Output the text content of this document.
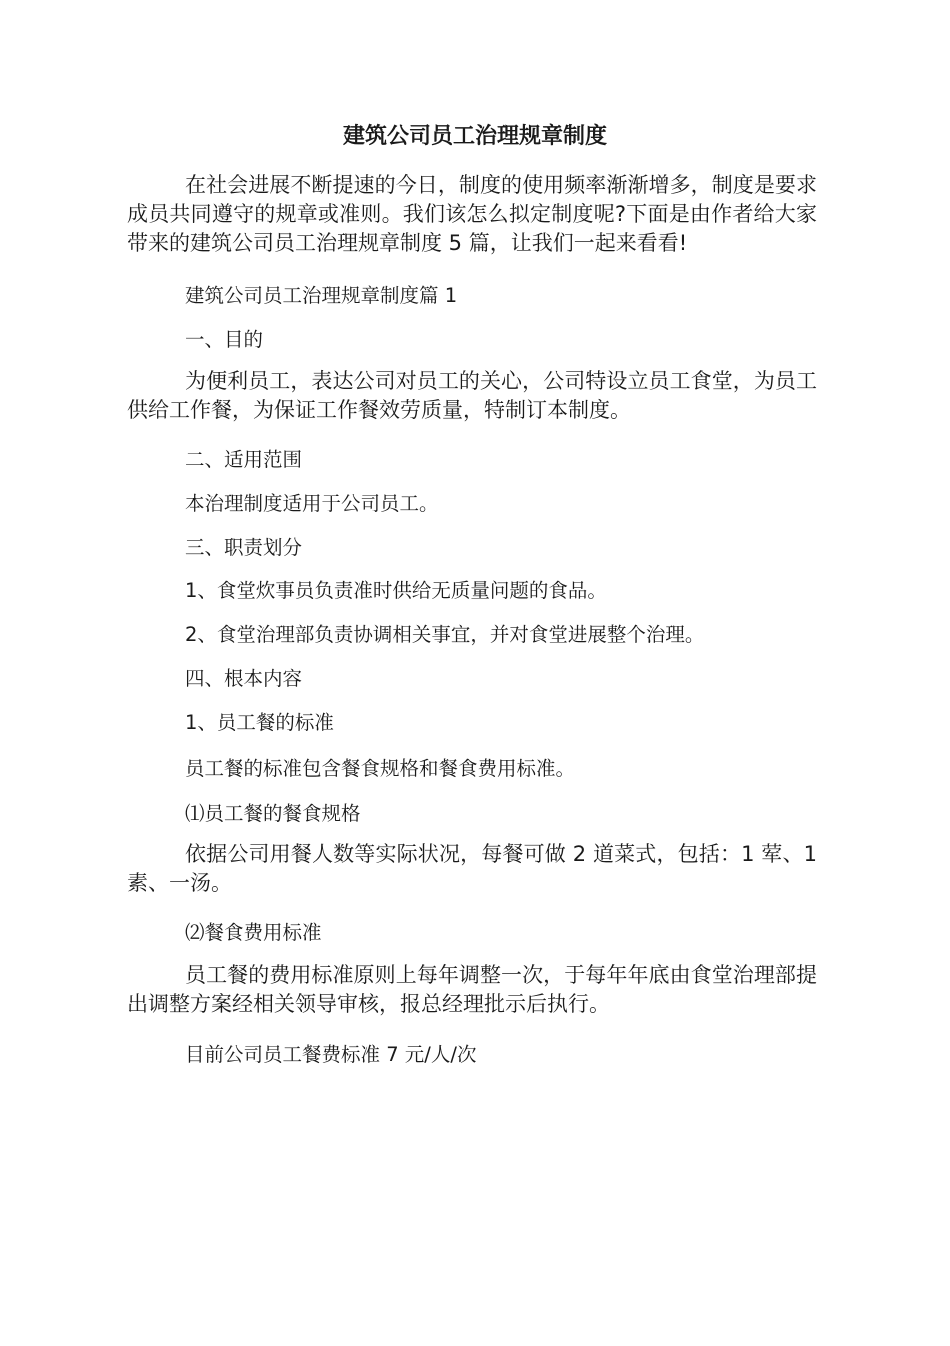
建筑公司员工治理规章制度

在社会进展不断提速的今日，制度的使用频率渐渐增多，制度是要求成员共同遵守的规章或准则。我们该怎么拟定制度呢?下面是由作者给大家带来的建筑公司员工治理规章制度 5 篇，让我们一起来看看!

建筑公司员工治理规章制度篇 1

一、目的

为便利员工，表达公司对员工的关心，公司特设立员工食堂，为员工供给工作餐，为保证工作餐效劳质量，特制订本制度。

二、适用范围

本治理制度适用于公司员工。

三、职责划分

1、食堂炊事员负责准时供给无质量问题的食品。

2、食堂治理部负责协调相关事宜，并对食堂进展整个治理。

四、根本内容

1、员工餐的标准

员工餐的标准包含餐食规格和餐食费用标准。

⑴员工餐的餐食规格

依据公司用餐人数等实际状况，每餐可做 2 道菜式，包括：1 荤、1 素、一汤。

⑵餐食费用标准

员工餐的费用标准原则上每年调整一次，于每年年底由食堂治理部提出调整方案经相关领导审核，报总经理批示后执行。

目前公司员工餐费标准 7 元/人/次
